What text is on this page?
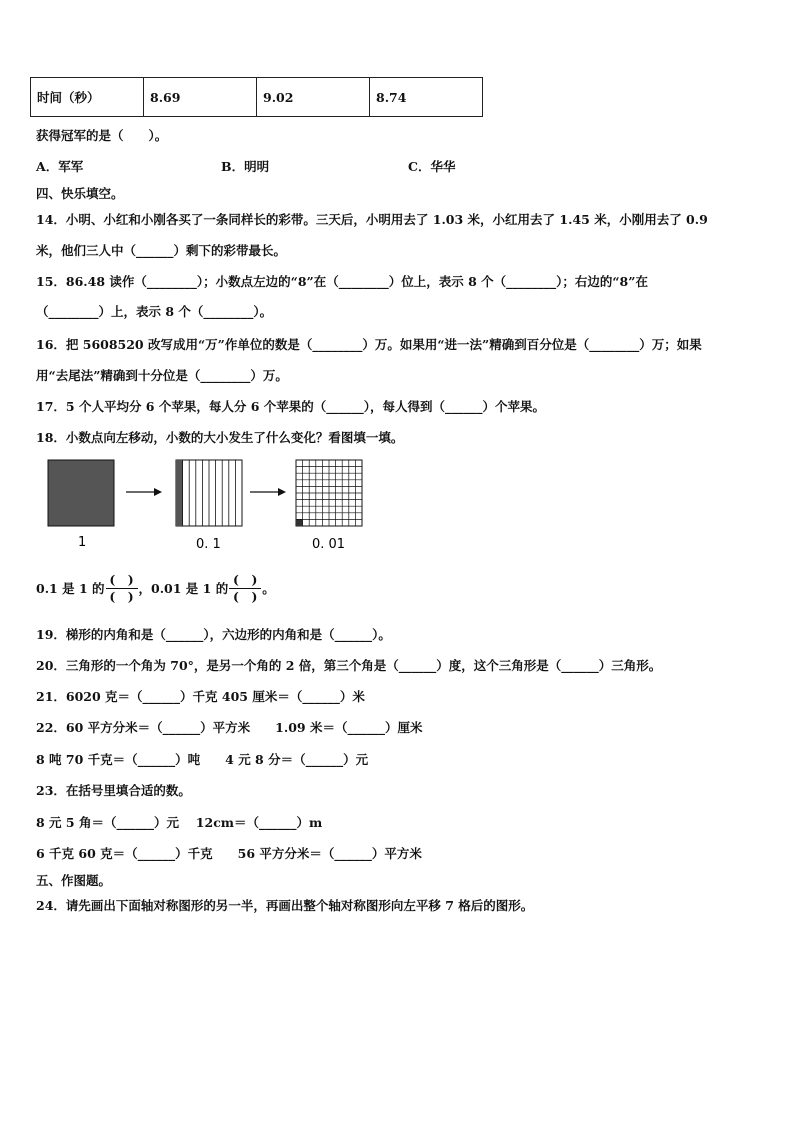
时间（秒）	8.69	9.02	8.74
获得冠军的是（　　）。
A．军军	B．明明	C．华华
四、快乐填空。
14．小明、小红和小刚各买了一条同样长的彩带。三天后，小明用去了 1.03 米，小红用去了 1.45 米，小刚用去了 0.9
米，他们三人中（______）剩下的彩带最长。
15．86.48 读作（________）；小数点左边的“8”在（________）位上，表示 8 个（________）；右边的“8”在
（________）上，表示 8 个（________）。
16．把 5608520 改写成用“万”作单位的数是（________）万。如果用“进一法”精确到百分位是（________）万；如果
用“去尾法”精确到十分位是（________）万。
17．5 个人平均分 6 个苹果，每人分 6 个苹果的（______），每人得到（______）个苹果。
18．小数点向左移动，小数的大小发生了什么变化？看图填一填。
1	0. 1	0. 01
0.1 是 1 的 $\frac{( )}{( )}$ ，0.01 是 1 的 $\frac{( )}{( )}$ 。
19．梯形的内角和是（______），六边形的内角和是（______）。
20．三角形的一个角为 70°，是另一个角的 2 倍，第三个角是（______）度，这个三角形是（______）三角形。
21．6020 克＝（______）千克 405 厘米＝（______）米
22．60 平方分米＝（______）平方米　　1.09 米＝（______）厘米
8 吨 70 千克＝（______）吨　　4 元 8 分＝（______）元
23．在括号里填合适的数。
8 元 5 角＝（______）元　 12cm＝（______）m
6 千克 60 克＝（______）千克　　56 平方分米＝（______）平方米
五、作图题。
24．请先画出下面轴对称图形的另一半，再画出整个轴对称图形向左平移 7 格后的图形。
